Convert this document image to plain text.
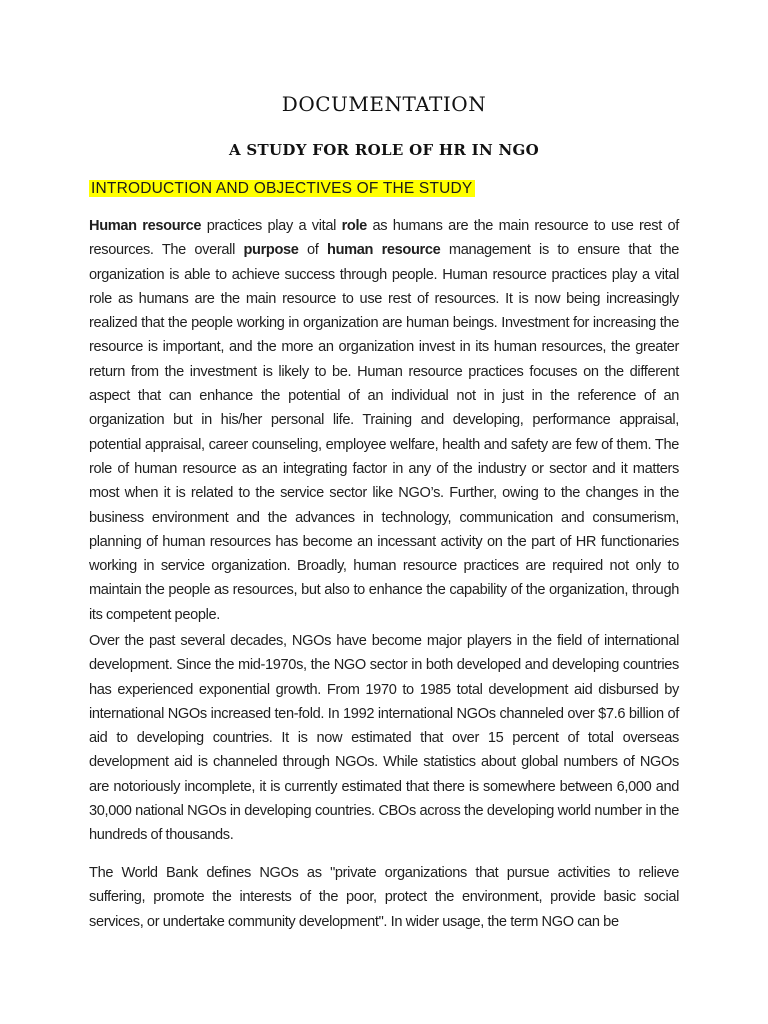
DOCUMENTATION
A STUDY FOR ROLE OF HR IN NGO
INTRODUCTION AND OBJECTIVES OF THE STUDY

Human resource practices play a vital role as humans are the main resource to use rest of resources. The overall purpose of human resource management is to ensure that the organization is able to achieve success through people. Human resource practices play a vital role as humans are the main resource to use rest of resources. It is now being increasingly realized that the people working in organization are human beings. Investment for increasing the resource is important, and the more an organization invest in its human resources, the greater return from the investment is likely to be. Human resource practices focuses on the different aspect that can enhance the potential of an individual not in just in the reference of an organization but in his/her personal life. Training and developing, performance appraisal, potential appraisal, career counseling, employee welfare, health and safety are few of them. The role of human resource as an integrating factor in any of the industry or sector and it matters most when it is related to the service sector like NGO’s. Further, owing to the changes in the business environment and the advances in technology, communication and consumerism, planning of human resources has become an incessant activity on the part of HR functionaries working in service organization. Broadly, human resource practices are required not only to maintain the people as resources, but also to enhance the capability of the organization, through its competent people.

Over the past several decades, NGOs have become major players in the field of international development. Since the mid-1970s, the NGO sector in both developed and developing countries has experienced exponential growth. From 1970 to 1985 total development aid disbursed by international NGOs increased ten-fold. In 1992 international NGOs channeled over $7.6 billion of aid to developing countries. It is now estimated that over 15 percent of total overseas development aid is channeled through NGOs. While statistics about global numbers of NGOs are notoriously incomplete, it is currently estimated that there is somewhere between 6,000 and 30,000 national NGOs in developing countries. CBOs across the developing world number in the hundreds of thousands.

The World Bank defines NGOs as "private organizations that pursue activities to relieve suffering, promote the interests of the poor, protect the environment, provide basic social services, or undertake community development". In wider usage, the term NGO can be
